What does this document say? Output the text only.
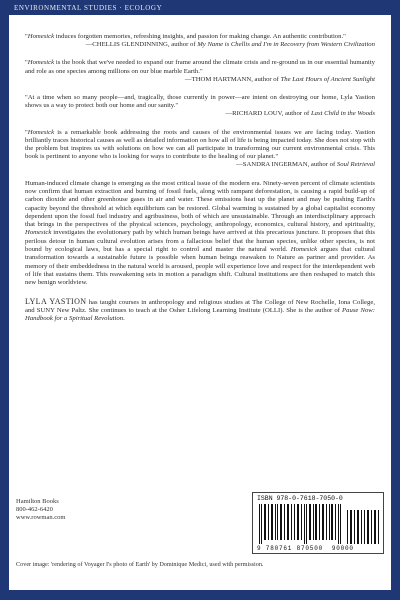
ENVIRONMENTAL STUDIES · ECOLOGY
"Homesick induces forgotten memories, refreshing insights, and passion for making change. An authentic contribution."
—CHELLIS GLENDINNING, author of My Name is Chellis and I'm in Recovery from Western Civilization
"Homesick is the book that we've needed to expand our frame around the climate crisis and re-ground us in our essential humanity and role as one species among millions on our blue marble Earth."
—THOM HARTMANN, author of The Last Hours of Ancient Sunlight
"At a time when so many people—and, tragically, those currently in power—are intent on destroying our home, Lyla Yastion shows us a way to protect both our home and our sanity."
—RICHARD LOUV, author of Last Child in the Woods
"Homesick is a remarkable book addressing the roots and causes of the environmental issues we are facing today. Yastion brilliantly traces historical causes as well as detailed information on how all of life is being impacted today. She does not stop with the problem but inspires us with solutions on how we can all participate in transforming our current environmental crisis. This book is pertinent to anyone who is looking for ways to contribute to the healing of our planet."
—SANDRA INGERMAN, author of Soul Retrieval
Human-induced climate change is emerging as the most critical issue of the modern era. Ninety-seven percent of climate scientists now confirm that human extraction and burning of fossil fuels, along with rampant deforestation, is causing a rapid build-up of carbon dioxide and other greenhouse gases in air and water. These emissions heat up the planet and may be pushing Earth's capacity beyond the threshold at which equilibrium can be restored. Global warming is sustained by a global capitalist economy dependent upon the fossil fuel industry and agribusiness, both of which are unsustainable. Through an interdisciplinary approach that brings in the perspectives of the physical sciences, psychology, anthropology, economics, cultural history, and spirituality, Homesick investigates the evolutionary path by which human beings have arrived at this precarious juncture. It proposes that this perilous detour in human cultural evolution arises from a fallacious belief that the human species, unlike other species, is not bound by ecological laws, but has a special right to control and master the natural world. Homesick argues that cultural transformation towards a sustainable future is possible when human beings reawaken to Nature as partner and provider. As memory of their embeddedness in the natural world is aroused, people will experience love and respect for the interdependent web of life that sustains them. This reawakening sets in motion a paradigm shift. Cultural institutions are then reshaped to match this new benign worldview.
LYLA YASTION has taught courses in anthropology and religious studies at The College of New Rochelle, Iona College, and SUNY New Paltz. She continues to teach at the Osher Lifelong Learning Institute (OLLI). She is the author of Pause Now: Handbook for a Spiritual Revolution.
Hamilton Books
800-462-6420
www.rowman.com
ISBN 978-0-7618-7050-0
9 780761 870500 90000
Cover image: 'rendering of Voyager I's photo of Earth' by Dominique Medici, used with permission.
